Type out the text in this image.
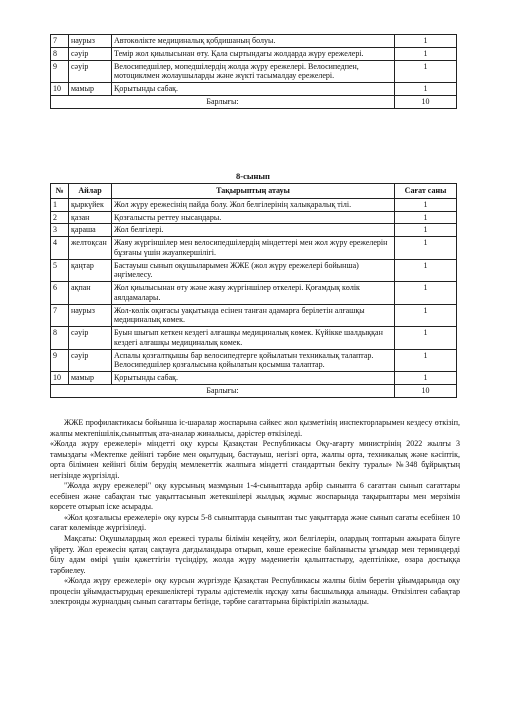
7	наурыз	Автокөлікте медициналық қобдишаның болуы.	1
8	сәуір	Темір жол қиылысынан өту. Қала сыртындағы жолдарда жүру ережелері.	1
9	сәуір	Велосипедшілер, мопедшілердің жолда жүру ережелері. Велосипедпен, мотоциклмен жолаушыларды және жүкті тасымалдау ережелері.	1
10	мамыр	Қорытынды сабақ.	1
Барлығы:			10
8-сынып
№	Айлар	Тақырыптың атауы	Сағат саны
1	қыркүйек	Жол жүру ережесінің пайда болу. Жол белгілерінің халықаралық тілі.	1
2	қазан	Қозғалысты реттеу нысандары.	1
3	қараша	Жол белгілері.	1
4	желтоқсан	Жаяу жүргіншілер мен велосипедшілердің міндеттері мен жол жүру ережелерін бұзғаны үшін жауапкершілігі.	1
5	қаңтар	Бастауыш сынып оқушыларымен ЖЖЕ (жол жүру ережелері бойынша) әңгімелесу.	1
6	ақпан	Жол қиылысынан өту және жаяу жүргіншілер өткелері. Қоғамдық көлік аялдамалары.	1
7	наурыз	Жол-көлік оқиғасы уақытында есінен танған адамарға берілетін алғашқы медициналық көмек.	1
8	сәуір	Буын шығып кеткен кездегі алғашқы медициналық көмек. Күйікке шалдыққан кездегі алғашқы медициналық көмек.	1
9	сәуір	Аспалы қозғалтқышы бар велосипедтерге қойылатын техникалық талаптар. Велосипедшілер қозғалысына қойылатын қосымша талаптар.	1
10	мамыр	Қорытынды сабақ.	1
Барлығы:			10

ЖЖЕ профилактикасы бойынша іс-шаралар жоспарына сәйкес жол қызметінің инспекторларымен кездесу өткізіп, жалпы мектепішілік,сыныптық ата-аналар жиналысы, дәрістер өткізіледі.

«Жолда жүру ережелері» міндетті оқу курсы Қазақстан Республикасы Оқу-ағарту министрінің 2022 жылғы 3 тамыздағы «Мектепке дейінгі тәрбие мен оқытудың, бастауыш, негізгі орта, жалпы орта, техникалық және кәсіптік, орта білімнен кейінгі білім берудің мемлекеттік жалпыға міндетті стандарттын бекіту туралы» №348 бұйрықтың негізінде жүргізілді.

"Жолда жүру ережелері" оқу курсының мазмұнын 1-4-сыныптарда әрбір сыныпта 6 сағаттан сынып сағаттары есебінен және сабақтан тыс уақыттасынып жетекшілері жылдық жұмыс жоспарында тақырыптары мен мерзімін көрсете отырып іске асырады.

«Жол қозғалысы ережелері» оқу курсы 5-8 сыныптарда сыныптан тыс уақыттарда және сынып сағаты есебінен 10 сағат көлемінде жүргізіледі.

Мақсаты: Оқушылардың жол ережесі туралы білімін кеңейту, жол белгілерін, олардың топтарын ажырата білуге үйрету. Жол ережесін қатаң сақтауға дағдыландыра отырып, көше ережесіне байланысты ұғымдар мен терминдерді білу адам өмірі үшін қажеттігін түсіндіру, жолда жүру мәдениетін қалыптастыру, әдептілікке, өзара достыққа тәрбиелеу.

«Жолда жүру ережелері» оқу курсын жүргізуде Қазақстан Республикасы жалпы білім беретін ұйымдарында оқу процесін ұйымдастырудың ерекшеліктері туралы әдістемелік нұсқау хаты басшылыққа алынады. Өткізілген сабақтар электронды журналдың сынып сағаттары бетінде, тәрбие сағаттарына біріктіріліп жазылады.
